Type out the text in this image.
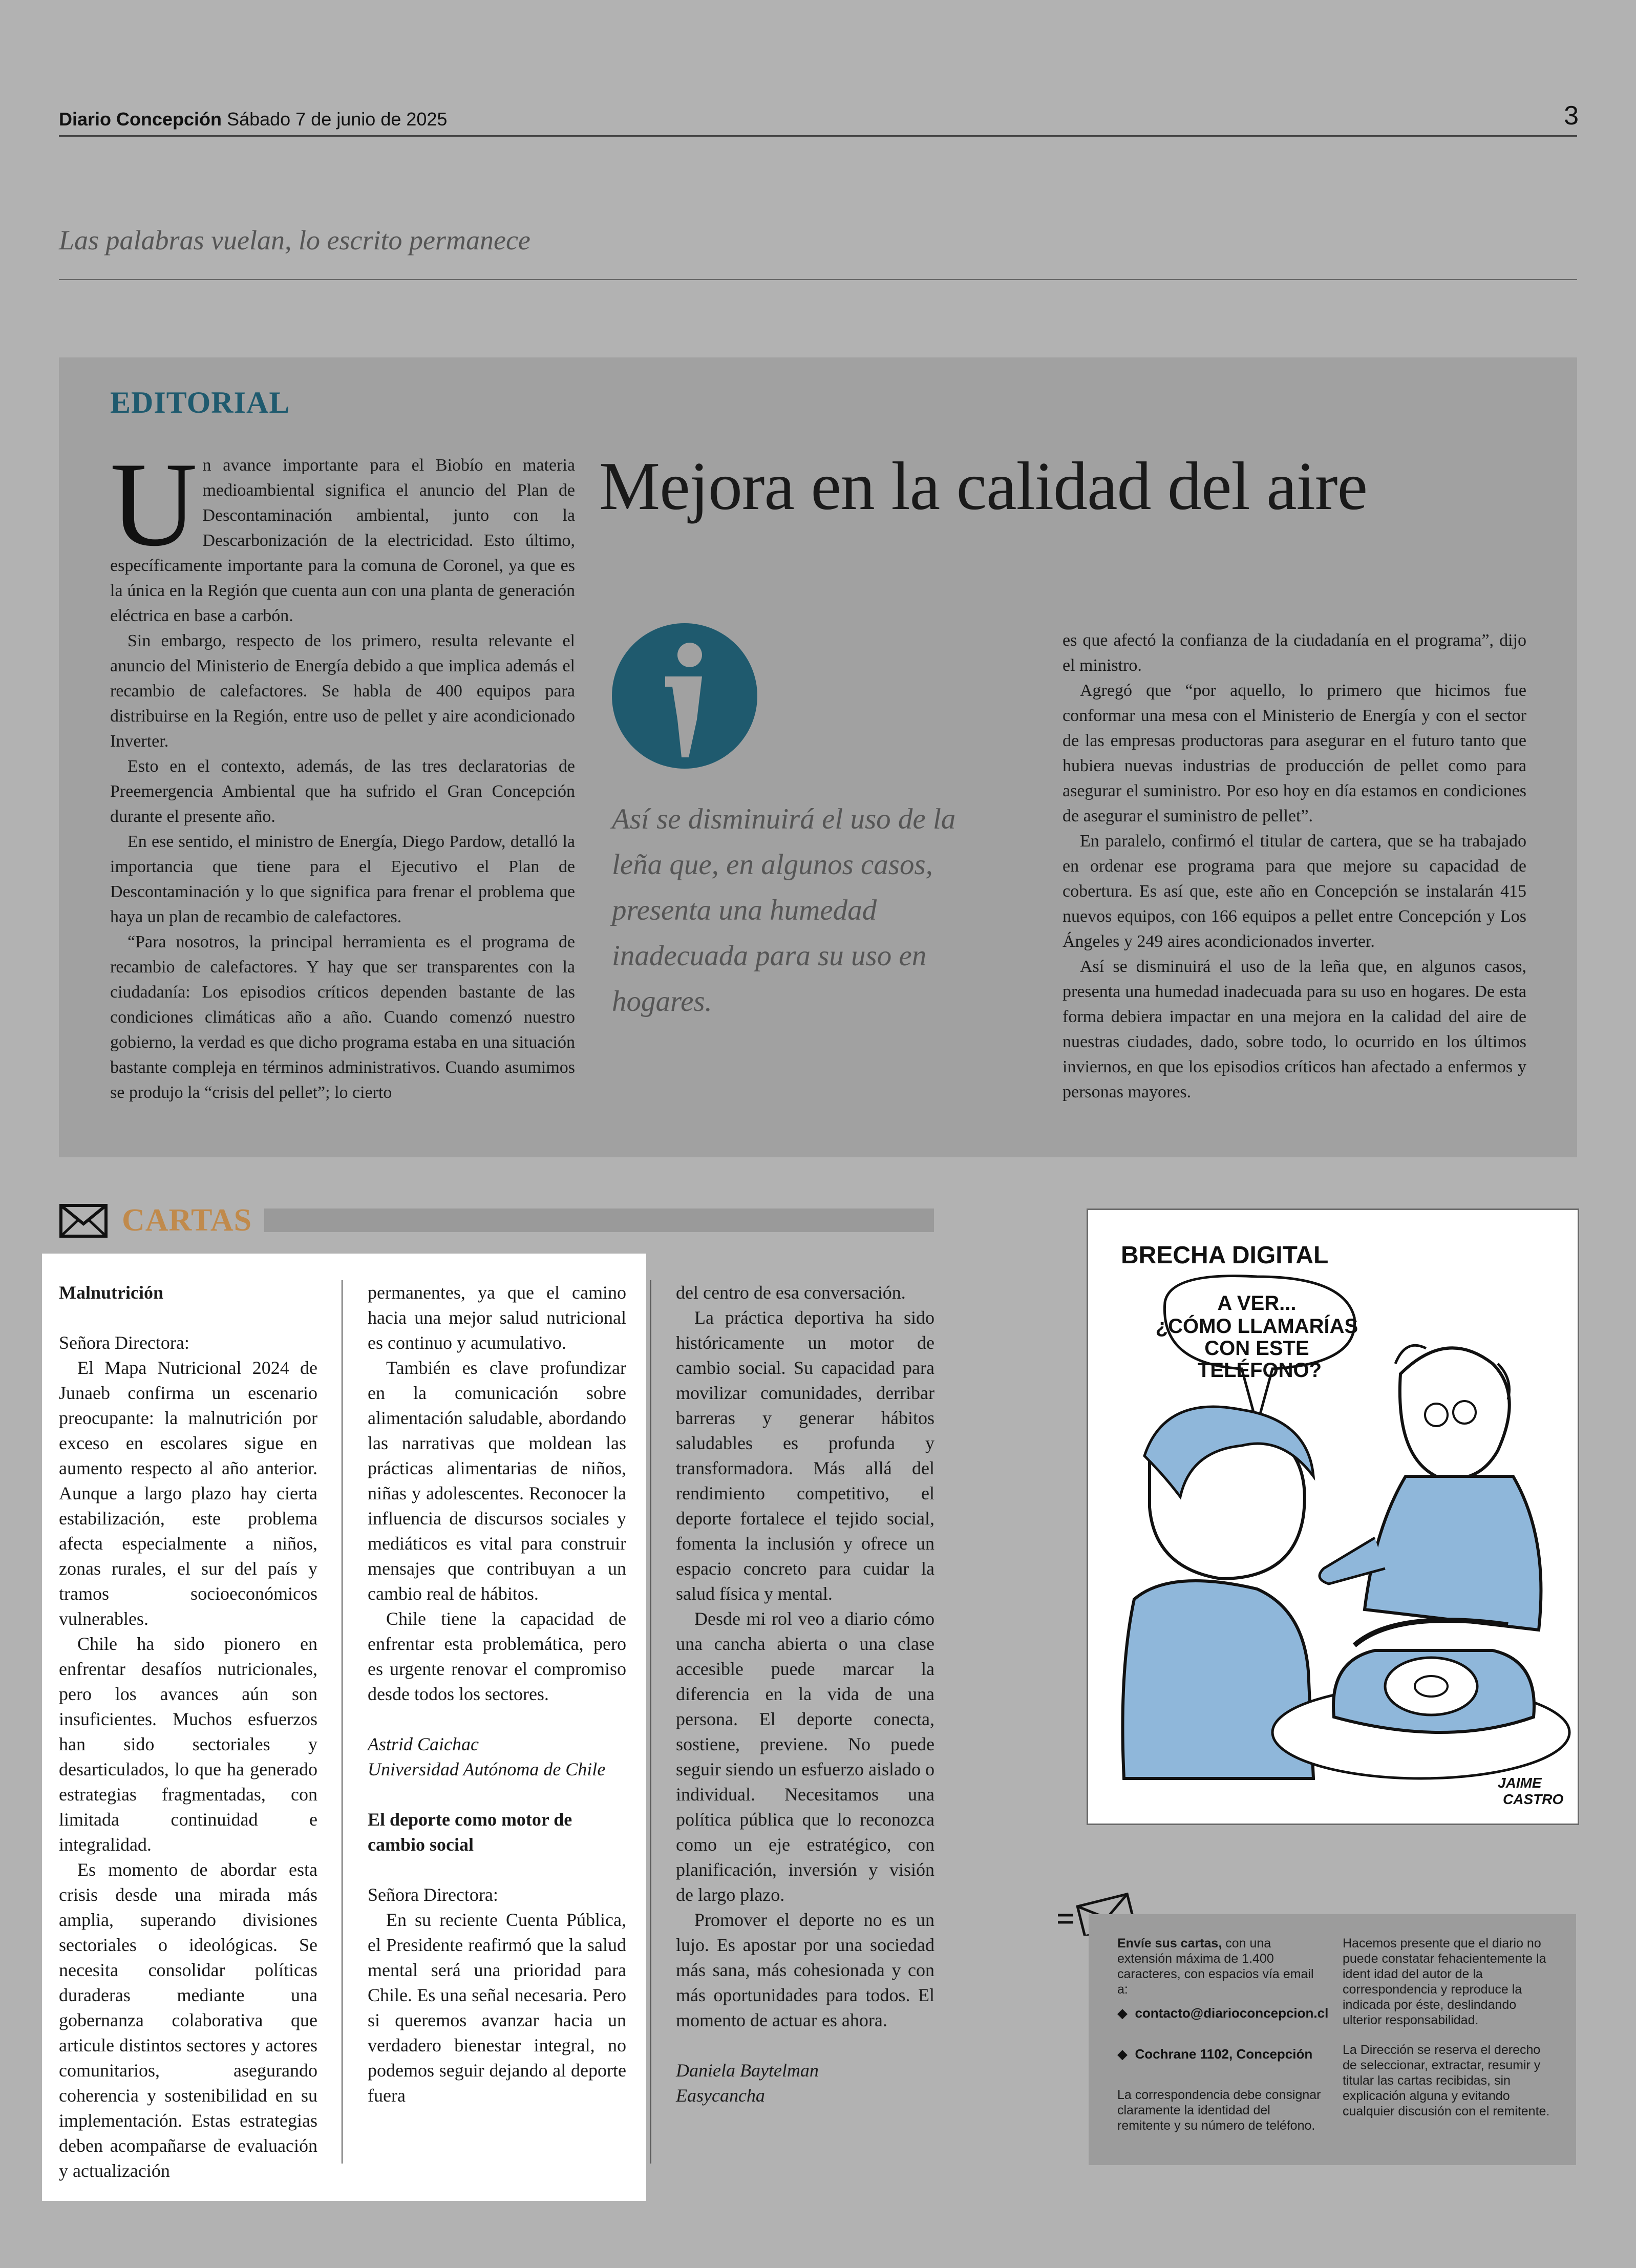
Diario Concepción Sábado 7 de junio de 2025	3
Las palabras vuelan, lo escrito permanece
EDITORIAL
Mejora en la calidad del aire

Un avance importante para el Biobío en materia medioambiental significa el anuncio del Plan de Descontaminación ambiental, junto con la Descarbonización de la electricidad. Esto último, específicamente importante para la comuna de Coronel, ya que es la única en la Región que cuenta aun con una planta de generación eléctrica en base a carbón.

Sin embargo, respecto de los primero, resulta relevante el anuncio del Ministerio de Energía debido a que implica además el recambio de calefactores. Se habla de 400 equipos para distribuirse en la Región, entre uso de pellet y aire acondicionado Inverter.

Esto en el contexto, además, de las tres declaratorias de Preemergencia Ambiental que ha sufrido el Gran Concepción durante el presente año.

En ese sentido, el ministro de Energía, Diego Pardow, detalló la importancia que tiene para el Ejecutivo el Plan de Descontaminación y lo que significa para frenar el problema que haya un plan de recambio de calefactores.

“Para nosotros, la principal herramienta es el programa de recambio de calefactores. Y hay que ser transparentes con la ciudadanía: Los episodios críticos dependen bastante de las condiciones climáticas año a año. Cuando comenzó nuestro gobierno, la verdad es que dicho programa estaba en una situación bastante compleja en términos administrativos. Cuando asumimos se produjo la “crisis del pellet”; lo cierto

Así se disminuirá el uso de la leña que, en algunos casos, presenta una humedad inadecuada para su uso en hogares.

es que afectó la confianza de la ciudadanía en el programa”, dijo el ministro.

Agregó que “por aquello, lo primero que hicimos fue conformar una mesa con el Ministerio de Energía y con el sector de las empresas productoras para asegurar en el futuro tanto que hubiera nuevas industrias de producción de pellet como para asegurar el suministro. Por eso hoy en día estamos en condiciones de asegurar el suministro de pellet”.

En paralelo, confirmó el titular de cartera, que se ha trabajado en ordenar ese programa para que mejore su capacidad de cobertura. Es así que, este año en Concepción se instalarán 415 nuevos equipos, con 166 equipos a pellet entre Concepción y Los Ángeles y 249 aires acondicionados inverter.

Así se disminuirá el uso de la leña que, en algunos casos, presenta una humedad inadecuada para su uso en hogares. De esta forma debiera impactar en una mejora en la calidad del aire de nuestras ciudades, dado, sobre todo, lo ocurrido en los últimos inviernos, en que los episodios críticos han afectado a enfermos y personas mayores.

CARTAS

Malnutrición

Señora Directora:

El Mapa Nutricional 2024 de Junaeb confirma un escenario preocupante: la malnutrición por exceso en escolares sigue en aumento respecto al año anterior. Aunque a largo plazo hay cierta estabilización, este problema afecta especialmente a niños, zonas rurales, el sur del país y tramos socioeconómicos vulnerables.

Chile ha sido pionero en enfrentar desafíos nutricionales, pero los avances aún son insuficientes. Muchos esfuerzos han sido sectoriales y desarticulados, lo que ha generado estrategias fragmentadas, con limitada continuidad e integralidad.

Es momento de abordar esta crisis desde una mirada más amplia, superando divisiones sectoriales o ideológicas. Se necesita consolidar políticas duraderas mediante una gobernanza colaborativa que articule distintos sectores y actores comunitarios, asegurando coherencia y sostenibilidad en su implementación. Estas estrategias deben acompañarse de evaluación y actualización

permanentes, ya que el camino hacia una mejor salud nutricional es continuo y acumulativo.

También es clave profundizar en la comunicación sobre alimentación saludable, abordando las narrativas que moldean las prácticas alimentarias de niños, niñas y adolescentes. Reconocer la influencia de discursos sociales y mediáticos es vital para construir mensajes que contribuyan a un cambio real de hábitos.

Chile tiene la capacidad de enfrentar esta problemática, pero es urgente renovar el compromiso desde todos los sectores.

Astrid Caichac

Universidad Autónoma de Chile

El deporte como motor de cambio social

Señora Directora:

En su reciente Cuenta Pública, el Presidente reafirmó que la salud mental será una prioridad para Chile. Es una señal necesaria. Pero si queremos avanzar hacia un verdadero bienestar integral, no podemos seguir dejando al deporte fuera

del centro de esa conversación.

La práctica deportiva ha sido históricamente un motor de cambio social. Su capacidad para movilizar comunidades, derribar barreras y generar hábitos saludables es profunda y transformadora. Más allá del rendimiento competitivo, el deporte fortalece el tejido social, fomenta la inclusión y ofrece un espacio concreto para cuidar la salud física y mental.

Desde mi rol veo a diario cómo una cancha abierta o una clase accesible puede marcar la diferencia en la vida de una persona. El deporte conecta, sostiene, previene. No puede seguir siendo un esfuerzo aislado o individual. Necesitamos una política pública que lo reconozca como un eje estratégico, con planificación, inversión y visión de largo plazo.

Promover el deporte no es un lujo. Es apostar por una sociedad más sana, más cohesionada y con más oportunidades para todos. El momento de actuar es ahora.

Daniela Baytelman

Easycancha

BRECHA DIGITAL
A VER... ¿CÓMO LLAMARÍAS CON ESTE TELÉFONO?
JAIME CASTRO
Envíe sus cartas, con una extensión máxima de 1.400 caracteres, con espacios vía email a:
◆  contacto@diarioconcepcion.cl
◆  Cochrane 1102, Concepción
La correspondencia debe consignar claramente la identidad del remitente y su número de teléfono.
Hacemos presente que el diario no puede constatar fehacientemente la ident idad del autor de la correspondencia y reproduce la indicada por éste, deslindando ulterior responsabilidad.
La Dirección se reserva el derecho de seleccionar, extractar, resumir y titular las cartas recibidas, sin explicación alguna y evitando cualquier discusión con el remitente.
